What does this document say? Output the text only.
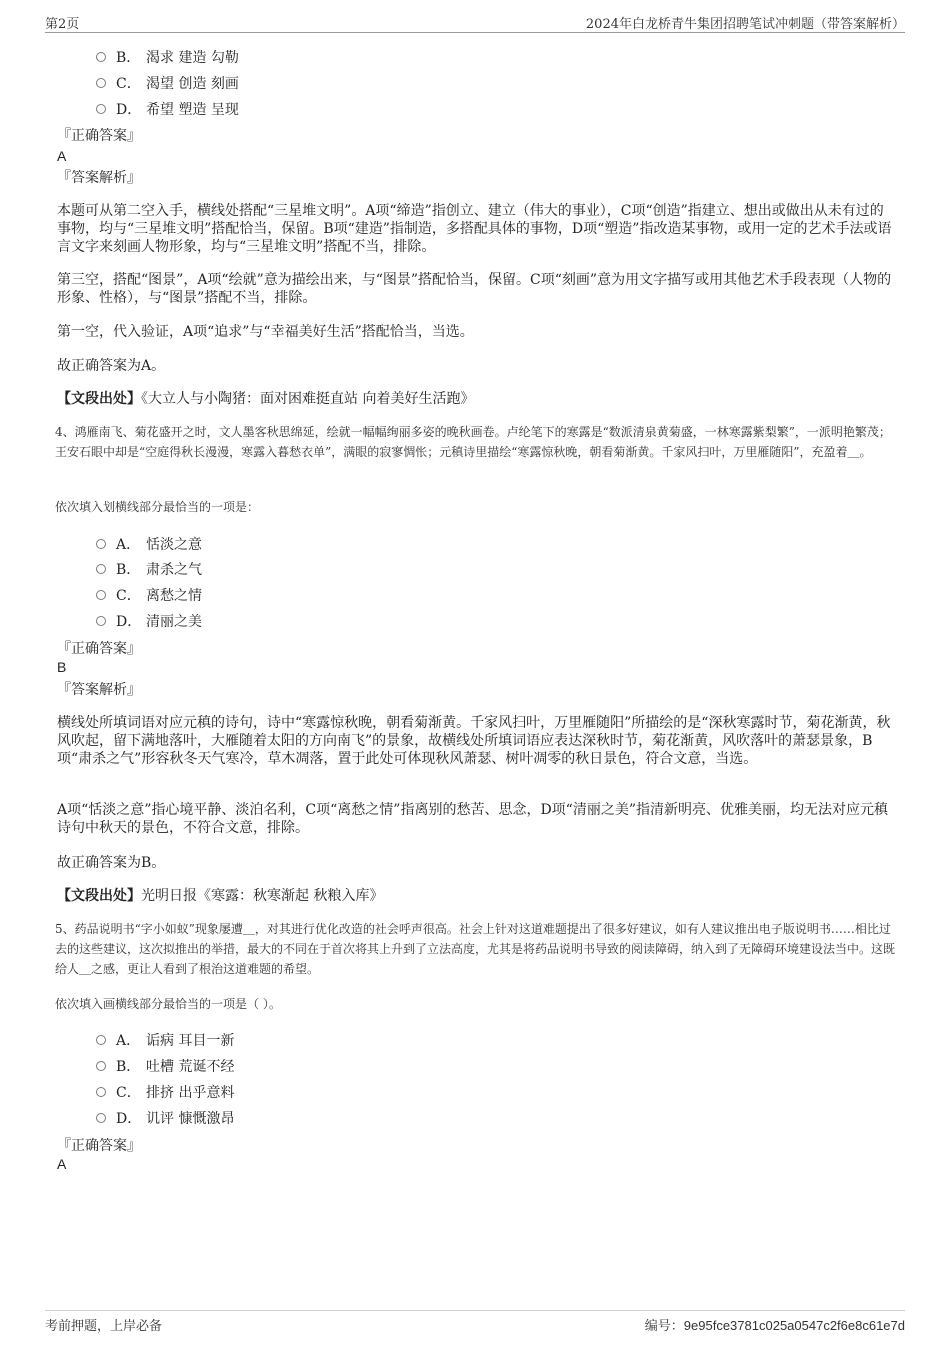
第2页	2024年白龙桥青牛集团招聘笔试冲刺题（带答案解析）
B． 渴求 建造 勾勒
C． 渴望 创造 刻画
D． 希望 塑造 呈现
『正确答案』
A
『答案解析』
本题可从第二空入手，横线处搭配“三星堆文明”。A项“缔造”指创立、建立（伟大的事业），C项“创造”指建立、想出或做出从未有过的事物，均与“三星堆文明”搭配恰当，保留。B项“建造”指制造，多搭配具体的事物，D项“塑造”指改造某事物，或用一定的艺术手法或语言文字来刻画人物形象，均与“三星堆文明”搭配不当，排除。
第三空，搭配“图景”，A项“绘就”意为描绘出来，与“图景”搭配恰当，保留。C项“刻画”意为用文字描写或用其他艺术手段表现（人物的形象、性格），与“图景”搭配不当，排除。
第一空，代入验证，A项“追求”与“幸福美好生活”搭配恰当，当选。
故正确答案为A。
【文段出处】《大立人与小陶猪：面对困难挺直站 向着美好生活跑》
4、鸿雁南飞、菊花盛开之时，文人墨客秋思绵延，绘就一幅幅绚丽多姿的晚秋画卷。卢纶笔下的寒露是“数派清泉黄菊盛，一林寒露紫梨繁”，一派明艳繁茂；王安石眼中却是“空庭得秋长漫漫，寒露入暮愁衣单”，满眼的寂寥惆怅；元稹诗里描绘“寒露惊秋晚，朝看菊渐黄。千家风扫叶，万里雁随阳”，充盈着＿。
依次填入划横线部分最恰当的一项是：
A． 恬淡之意
B． 肃杀之气
C． 离愁之情
D． 清丽之美
『正确答案』
B
『答案解析』
横线处所填词语对应元稹的诗句，诗中“寒露惊秋晚，朝看菊渐黄。千家风扫叶，万里雁随阳”所描绘的是“深秋寒露时节，菊花渐黄，秋风吹起，留下满地落叶，大雁随着太阳的方向南飞”的景象，故横线处所填词语应表达深秋时节，菊花渐黄，风吹落叶的萧瑟景象，B项“肃杀之气”形容秋冬天气寒冷，草木凋落，置于此处可体现秋风萧瑟、树叶凋零的秋日景色，符合文意，当选。
A项“恬淡之意”指心境平静、淡泊名利，C项“离愁之情”指离别的愁苦、思念，D项“清丽之美”指清新明亮、优雅美丽，均无法对应元稹诗句中秋天的景色，不符合文意，排除。
故正确答案为B。
【文段出处】光明日报《寒露：秋寒渐起 秋粮入库》
5、药品说明书“字小如蚁”现象屡遭＿，对其进行优化改造的社会呼声很高。社会上针对这道难题提出了很多好建议，如有人建议推出电子版说明书……相比过去的这些建议，这次拟推出的举措，最大的不同在于首次将其上升到了立法高度，尤其是将药品说明书导致的阅读障碍，纳入到了无障碍环境建设法当中。这既给人＿之感，更让人看到了根治这道难题的希望。
依次填入画横线部分最恰当的一项是（ ）。
A． 诟病 耳目一新
B． 吐槽 荒诞不经
C． 排挤 出乎意料
D． 讥评 慷慨激昂
『正确答案』
A
考前押题，上岸必备	编号：9e95fce3781c025a0547c2f6e8c61e7d
